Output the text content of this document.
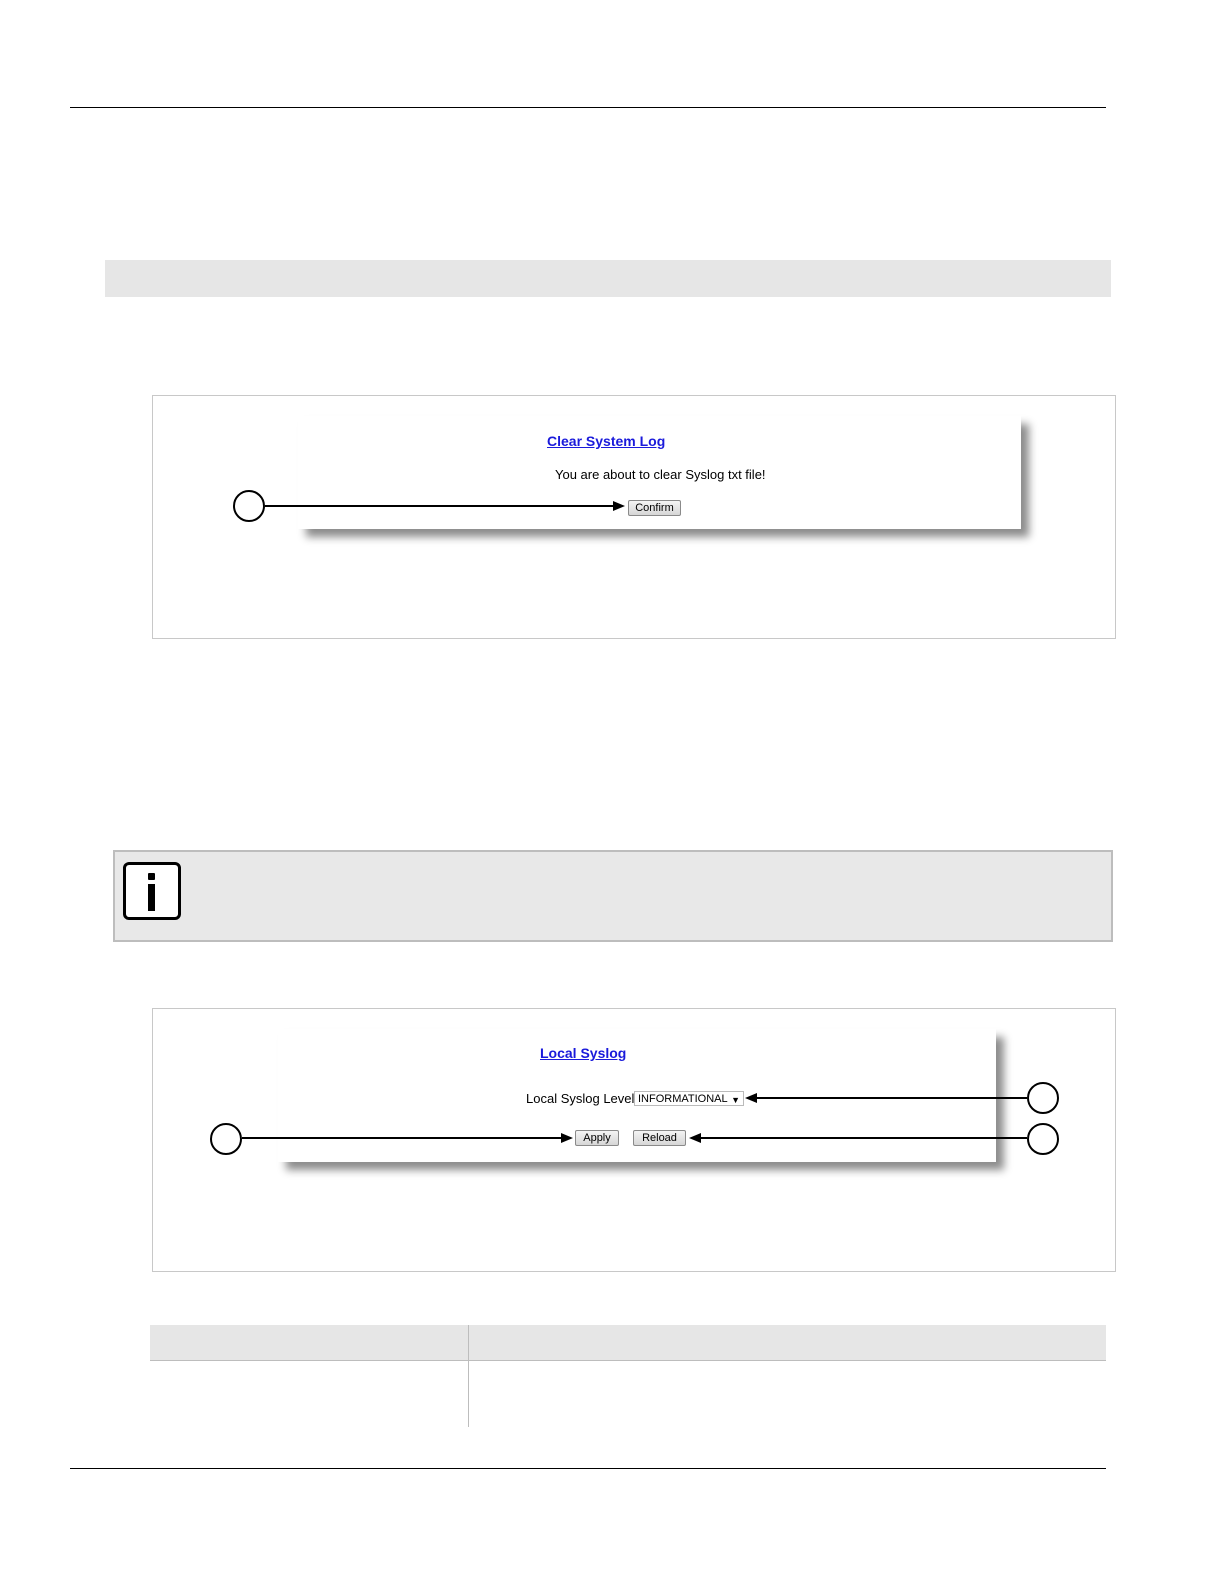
Clear System Log
You are about to clear Syslog txt file!
Confirm
Local Syslog
Local Syslog Level INFORMATIONAL ▼
Apply	Reload
